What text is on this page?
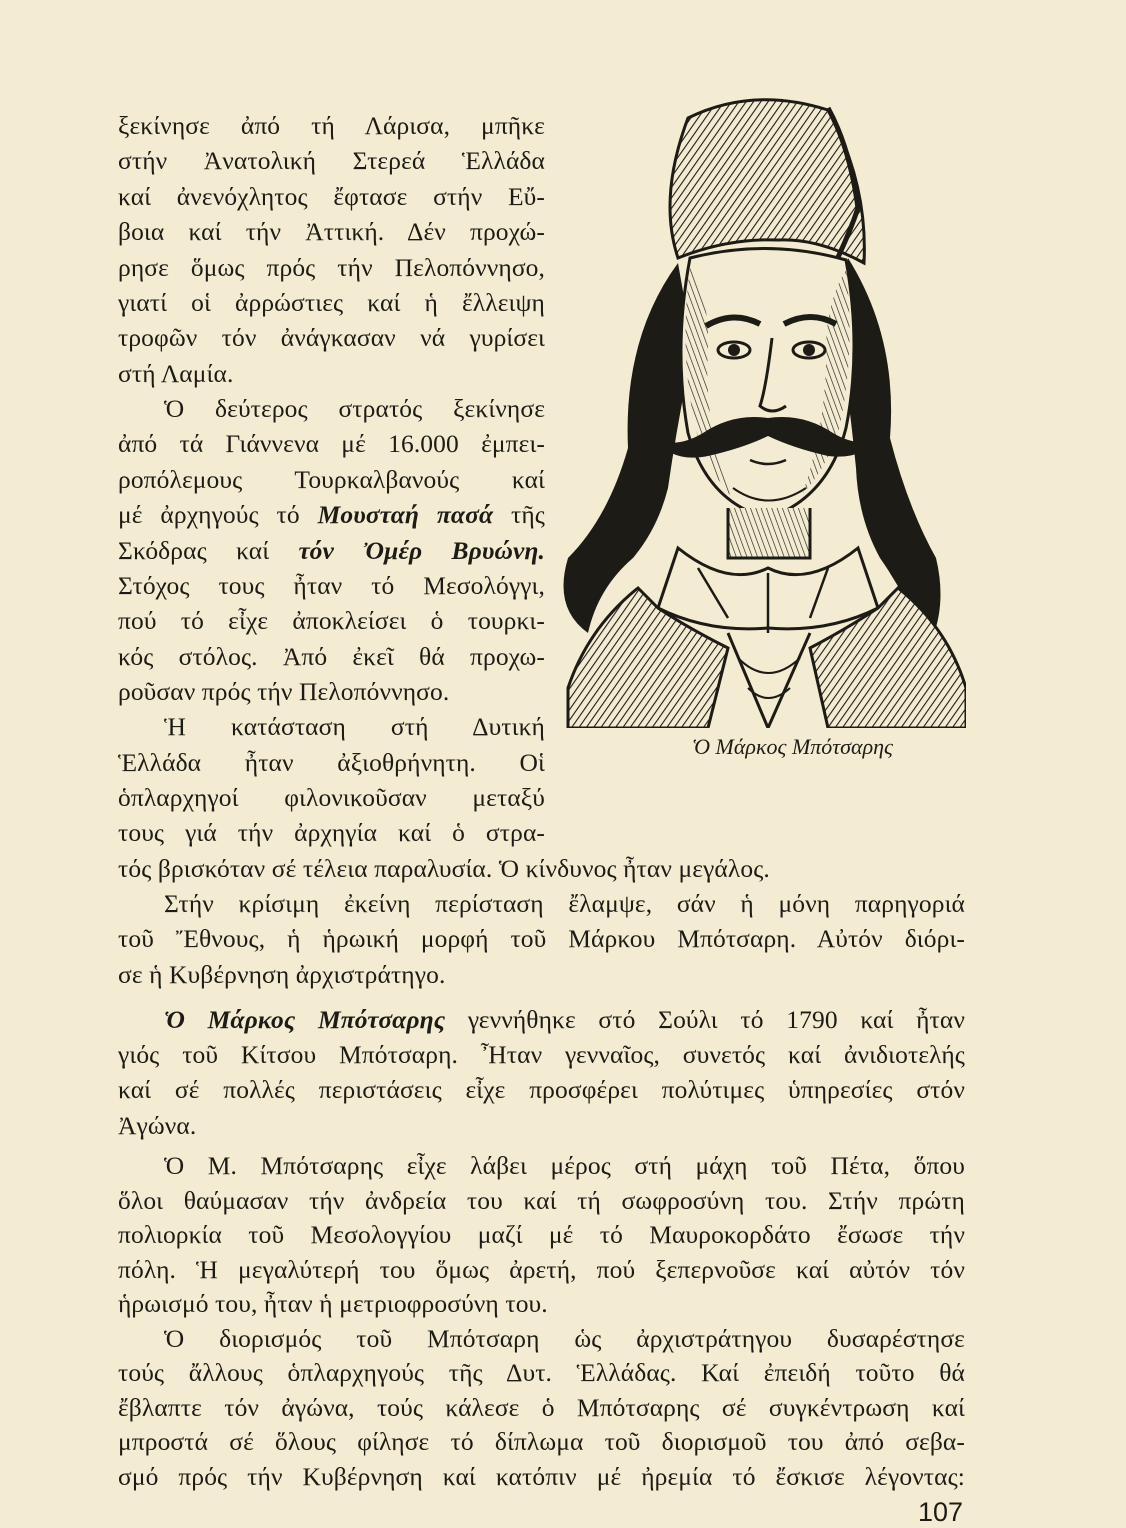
ξεκίνησε ἀπό τή Λάρισα, μπῆκε
στήν Ἀνατολική Στερεά Ἑλλάδα
καί ἀνενόχλητος ἔφτασε στήν Εὔ-
βοια καί τήν Ἀττική. Δέν προχώ-
ρησε ὅμως πρός τήν Πελοπόννησο,
γιατί οἱ ἀρρώστιες καί ἡ ἔλλειψη
τροφῶν τόν ἀνάγκασαν νά γυρίσει
στή Λαμία.
Ὁ δεύτερος στρατός ξεκίνησε
ἀπό τά Γιάννενα μέ 16.000 ἐμπει-
ροπόλεμους Τουρκαλβανούς καί
μέ ἀρχηγούς τό Μουσταή πασά τῆς
Σκόδρας καί τόν Ὀμέρ Βρυώνη.
Στόχος τους ἦταν τό Μεσολόγγι,
πού τό εἶχε ἀποκλείσει ὁ τουρκι-
κός στόλος. Ἀπό ἐκεῖ θά προχω-
ροῦσαν πρός τήν Πελοπόννησο.
Ἡ κατάσταση στή Δυτική
Ἑλλάδα ἦταν ἀξιοθρήνητη. Οἱ
ὁπλαρχηγοί φιλονικοῦσαν μεταξύ
τους γιά τήν ἀρχηγία καί ὁ στρα-
Ὁ Μάρκος Μπότσαρης
τός βρισκόταν σέ τέλεια παραλυσία. Ὁ κίνδυνος ἦταν μεγάλος.
Στήν κρίσιμη ἐκείνη περίσταση ἔλαμψε, σάν ἡ μόνη παρηγοριά
τοῦ Ἔθνους, ἡ ἡρωική μορφή τοῦ Μάρκου Μπότσαρη. Αὐτόν διόρι-
σε ἡ Κυβέρνηση ἀρχιστράτηγο.
Ὁ Μάρκος Μπότσαρης γεννήθηκε στό Σούλι τό 1790 καί ἦταν
γιός τοῦ Κίτσου Μπότσαρη. Ἦταν γενναῖος, συνετός καί ἀνιδιοτελής
καί σέ πολλές περιστάσεις εἶχε προσφέρει πολύτιμες ὑπηρεσίες στόν
Ἀγώνα.
Ὁ Μ. Μπότσαρης εἶχε λάβει μέρος στή μάχη τοῦ Πέτα, ὅπου
ὅλοι θαύμασαν τήν ἀνδρεία του καί τή σωφροσύνη του. Στήν πρώτη
πολιορκία τοῦ Μεσολογγίου μαζί μέ τό Μαυροκορδάτο ἔσωσε τήν
πόλη. Ἡ μεγαλύτερή του ὅμως ἀρετή, πού ξεπερνοῦσε καί αὐτόν τόν
ἡρωισμό του, ἦταν ἡ μετριοφροσύνη του.
Ὁ διορισμός τοῦ Μπότσαρη ὡς ἀρχιστράτηγου δυσαρέστησε
τούς ἄλλους ὁπλαρχηγούς τῆς Δυτ. Ἑλλάδας. Καί ἐπειδή τοῦτο θά
ἔβλαπτε τόν ἀγώνα, τούς κάλεσε ὁ Μπότσαρης σέ συγκέντρωση καί
μπροστά σέ ὅλους φίλησε τό δίπλωμα τοῦ διορισμοῦ του ἀπό σεβα-
σμό πρός τήν Κυβέρνηση καί κατόπιν μέ ἠρεμία τό ἔσκισε λέγοντας:
107
